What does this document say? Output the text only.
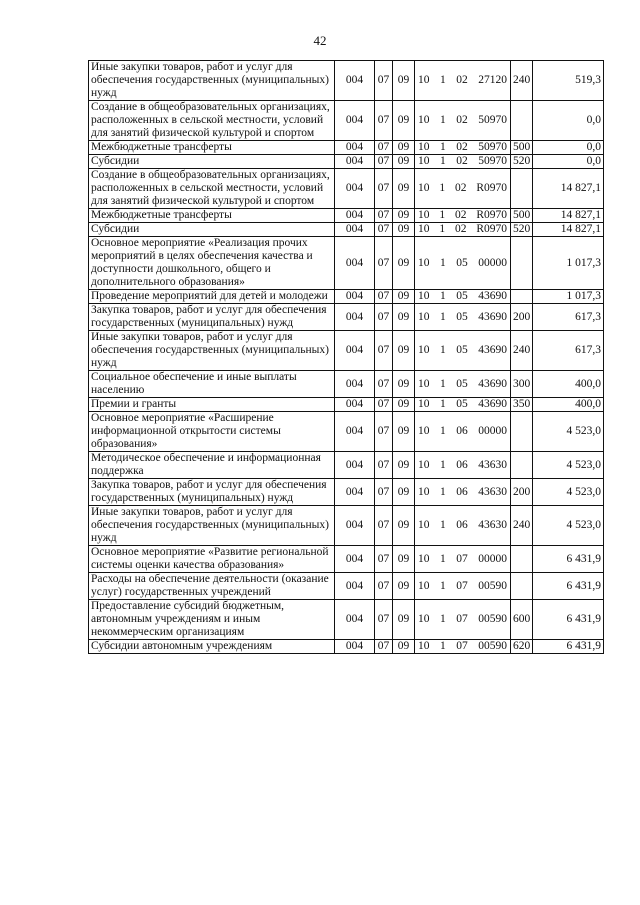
42
Иные закупки товаров, работ и услуг для обеспечения государственных (муниципальных) нужд	004	07	09	10 1 02 27120	240	519,3
Создание в общеобразовательных организациях, расположенных в сельской местности, условий для занятий физической культурой и спортом	004	07	09	10 1 02 50970		0,0
Межбюджетные трансферты	004	07	09	10 1 02 50970	500	0,0
Субсидии	004	07	09	10 1 02 50970	520	0,0
Создание в общеобразовательных организациях, расположенных в сельской местности, условий для занятий физической культурой и спортом	004	07	09	10 1 02 R0970		14 827,1
Межбюджетные трансферты	004	07	09	10 1 02 R0970	500	14 827,1
Субсидии	004	07	09	10 1 02 R0970	520	14 827,1
Основное мероприятие «Реализация прочих мероприятий в целях обеспечения качества и доступности дошкольного, общего и дополнительного образования»	004	07	09	10 1 05 00000		1 017,3
Проведение мероприятий для детей и молодежи	004	07	09	10 1 05 43690		1 017,3
Закупка товаров, работ и услуг для обеспечения государственных (муниципальных) нужд	004	07	09	10 1 05 43690	200	617,3
Иные закупки товаров, работ и услуг для обеспечения государственных (муниципальных) нужд	004	07	09	10 1 05 43690	240	617,3
Социальное обеспечение и иные выплаты населению	004	07	09	10 1 05 43690	300	400,0
Премии и гранты	004	07	09	10 1 05 43690	350	400,0
Основное мероприятие «Расширение информационной открытости системы образования»	004	07	09	10 1 06 00000		4 523,0
Методическое обеспечение и информационная поддержка	004	07	09	10 1 06 43630		4 523,0
Закупка товаров, работ и услуг для обеспечения государственных (муниципальных) нужд	004	07	09	10 1 06 43630	200	4 523,0
Иные закупки товаров, работ и услуг для обеспечения государственных (муниципальных) нужд	004	07	09	10 1 06 43630	240	4 523,0
Основное мероприятие «Развитие региональной системы оценки качества образования»	004	07	09	10 1 07 00000		6 431,9
Расходы на обеспечение деятельности (оказание услуг) государственных учреждений	004	07	09	10 1 07 00590		6 431,9
Предоставление субсидий бюджетным, автономным учреждениям и иным некоммерческим организациям	004	07	09	10 1 07 00590	600	6 431,9
Субсидии автономным учреждениям	004	07	09	10 1 07 00590	620	6 431,9
